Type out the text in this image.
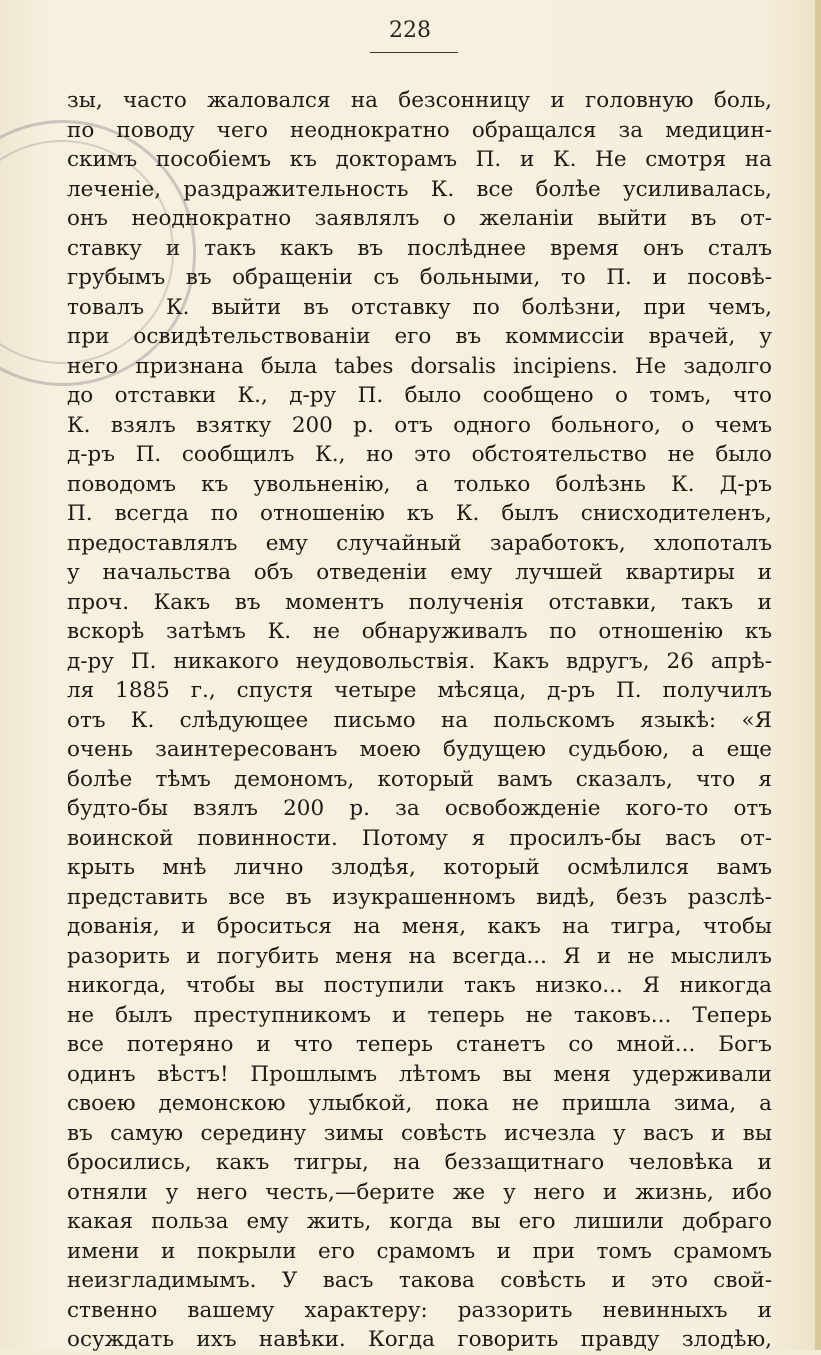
228
зы, часто жаловался на безсонницу и головную боль,
по поводу чего неоднократно обращался за медицин-
скимъ пособіемъ къ докторамъ П. и К. Не смотря на
леченіе, раздражительность К. все болѣе усиливалась,
онъ неоднократно заявлялъ о желаніи выйти въ от-
ставку и такъ какъ въ послѣднее время онъ сталъ
грубымъ въ обращеніи съ больными, то П. и посовѣ-
товалъ К. выйти въ отставку по болѣзни, при чемъ,
при освидѣтельствованіи его въ коммиссіи врачей, у
него признана была tabes dorsalis incipiens. Не задолго
до отставки К., д-ру П. было сообщено о томъ, что
К. взялъ взятку 200 р. отъ одного больного, о чемъ
д-ръ П. сообщилъ К., но это обстоятельство не было
поводомъ къ увольненію, а только болѣзнь К. Д-ръ
П. всегда по отношенію къ К. былъ снисходителенъ,
предоставлялъ ему случайный заработокъ, хлопоталъ
у начальства объ отведеніи ему лучшей квартиры и
проч. Какъ въ моментъ полученія отставки, такъ и
вскорѣ затѣмъ К. не обнаруживалъ по отношенію къ
д-ру П. никакого неудовольствія. Какъ вдругъ, 26 апрѣ-
ля 1885 г., спустя четыре мѣсяца, д-ръ П. получилъ
отъ К. слѣдующее письмо на польскомъ языкѣ: «Я
очень заинтересованъ моею будущею судьбою, а еще
болѣе тѣмъ демономъ, который вамъ сказалъ, что я
будто-бы взялъ 200 р. за освобожденіе кого-то отъ
воинской повинности. Потому я просилъ-бы васъ от-
крыть мнѣ лично злодѣя, который осмѣлился вамъ
представить все въ изукрашенномъ видѣ, безъ разслѣ-
дованія, и броситься на меня, какъ на тигра, чтобы
разорить и погубить меня на всегда... Я и не мыслилъ
никогда, чтобы вы поступили такъ низко... Я никогда
не былъ преступникомъ и теперь не таковъ... Теперь
все потеряно и что теперь станетъ со мной... Богъ
одинъ вѣстъ! Прошлымъ лѣтомъ вы меня удерживали
своею демонскою улыбкой, пока не пришла зима, а
въ самую середину зимы совѣсть исчезла у васъ и вы
бросились, какъ тигры, на беззащитнаго человѣка и
отняли у него честь,—берите же у него и жизнь, ибо
какая польза ему жить, когда вы его лишили добраго
имени и покрыли его срамомъ и при томъ срамомъ
неизгладимымъ. У васъ такова совѣсть и это свой-
ственно вашему характеру: раззорить невинныхъ и
осуждать ихъ навѣки. Когда говорить правду злодѣю,
